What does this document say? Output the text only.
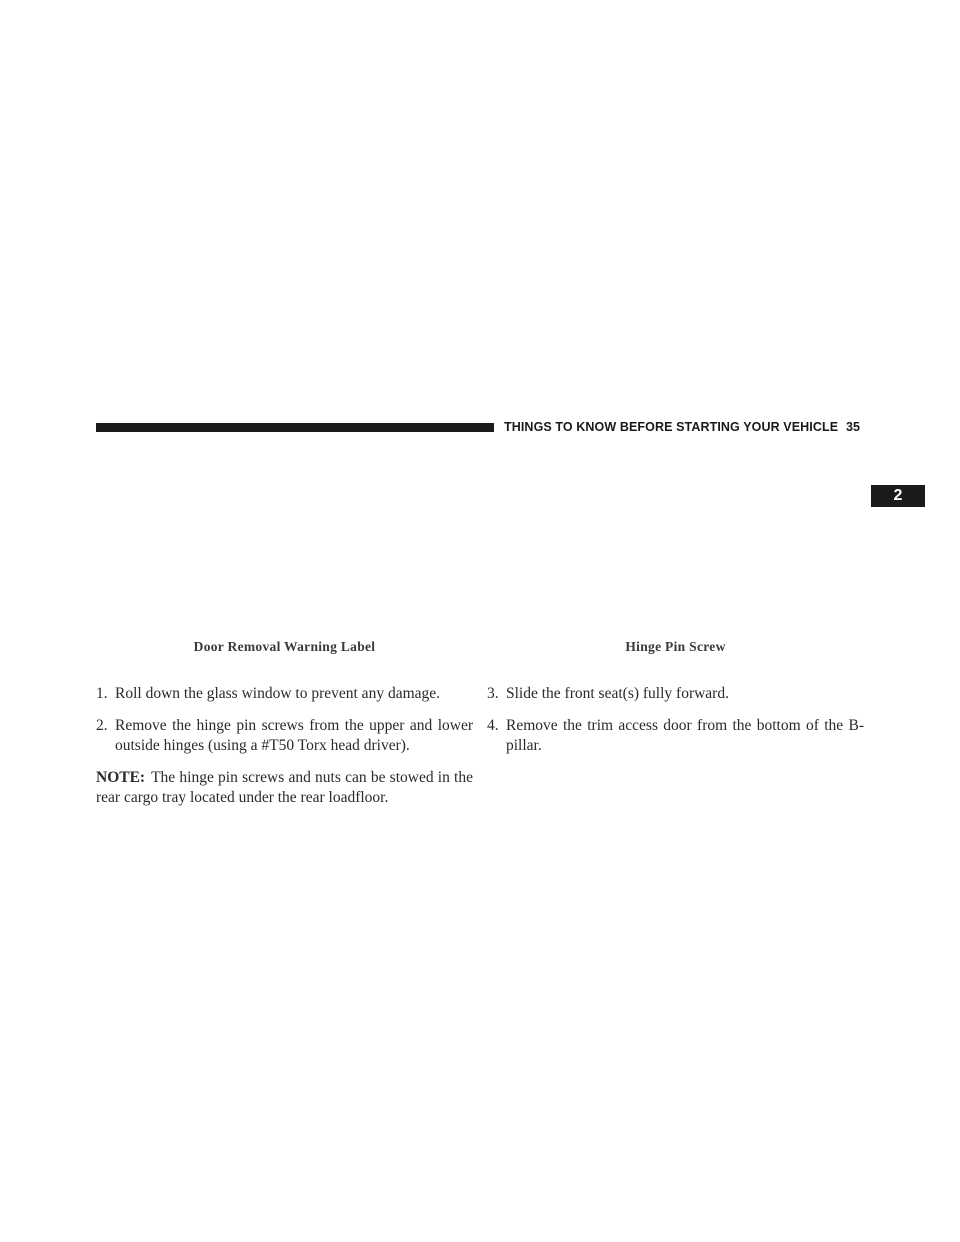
THINGS TO KNOW BEFORE STARTING YOUR VEHICLE 35
2
Door Removal Warning Label	Hinge Pin Screw

1. Roll down the glass window to prevent any damage.

2. Remove the hinge pin screws from the upper and lower outside hinges (using a #T50 Torx head driver).

NOTE: The hinge pin screws and nuts can be stowed in the rear cargo tray located under the rear loadfloor.

3. Slide the front seat(s) fully forward.

4. Remove the trim access door from the bottom of the B-pillar.
